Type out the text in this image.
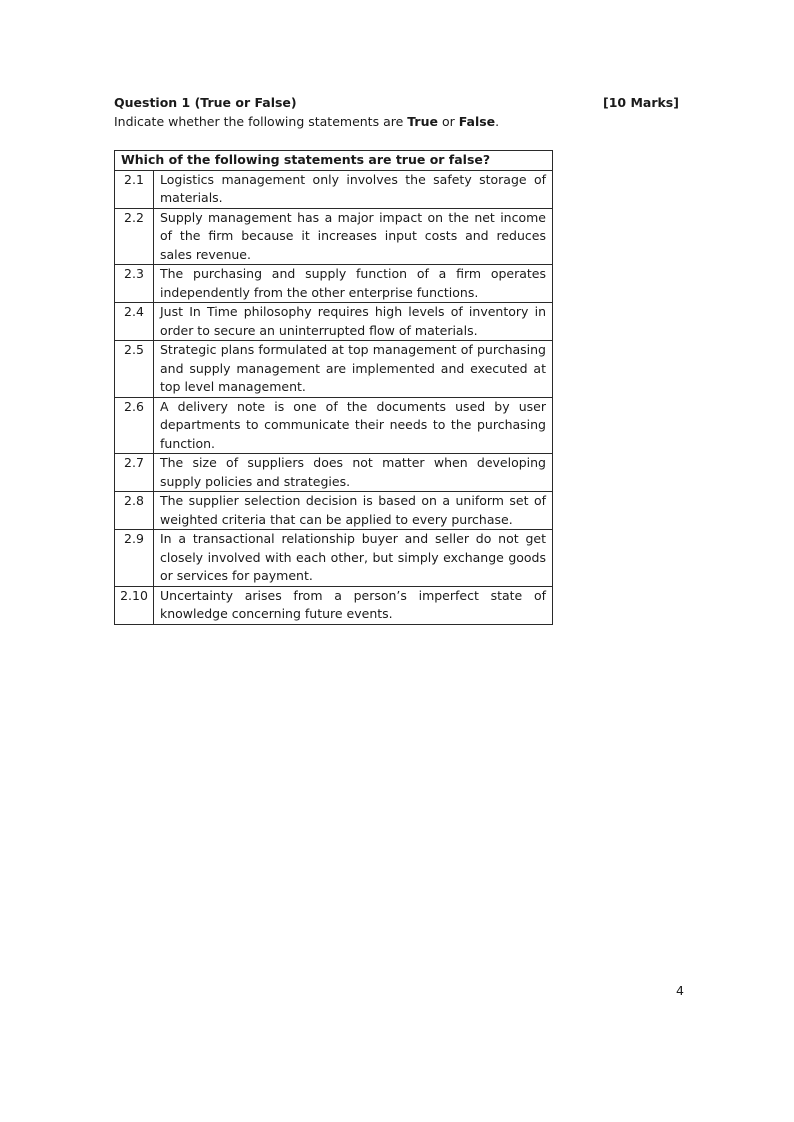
Question 1 (True or False)	[10 Marks]
Indicate whether the following statements are True or False.
Which of the following statements are true or false?	
2.1	Logistics management only involves the safety storage of materials.
2.2	Supply management has a major impact on the net income of the firm because it increases input costs and reduces sales revenue.
2.3	The purchasing and supply function of a firm operates independently from the other enterprise functions.
2.4	Just In Time philosophy requires high levels of inventory in order to secure an uninterrupted flow of materials.
2.5	Strategic plans formulated at top management of purchasing and supply management are implemented and executed at top level management.
2.6	A delivery note is one of the documents used by user departments to communicate their needs to the purchasing function.
2.7	The size of suppliers does not matter when developing supply policies and strategies.
2.8	The supplier selection decision is based on a uniform set of weighted criteria that can be applied to every purchase.
2.9	In a transactional relationship buyer and seller do not get closely involved with each other, but simply exchange goods or services for payment.
2.10	Uncertainty arises from a person’s imperfect state of knowledge concerning future events.
4
